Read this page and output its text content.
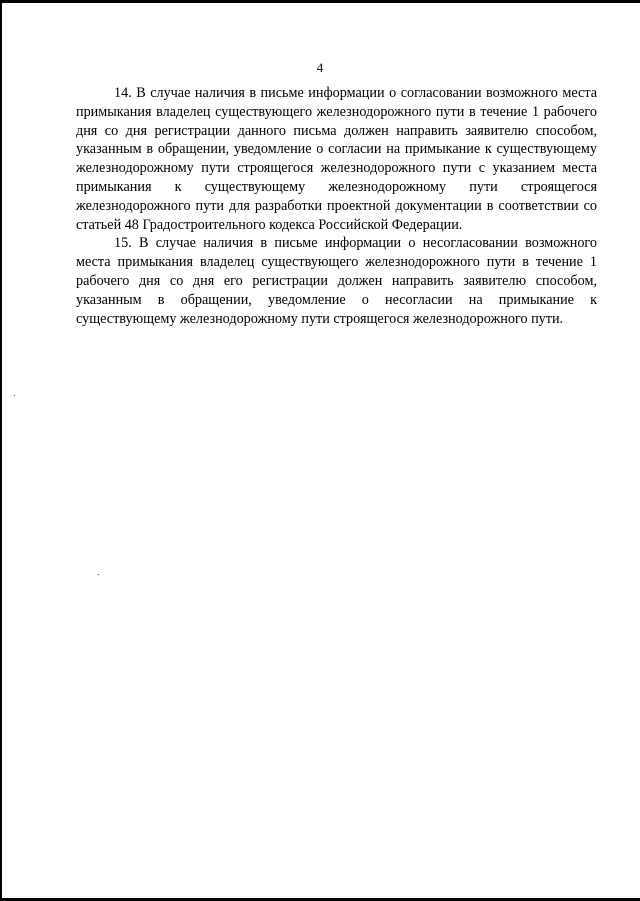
4

14. В случае наличия в письме информации о согласовании возможного места примыкания владелец существующего железнодорожного пути в течение 1 рабочего дня со дня регистрации данного письма должен направить заявителю способом, указанным в обращении, уведомление о согласии на примыкание к существующему железнодорожному пути строящегося железнодорожного пути с указанием места примыкания к существующему железнодорожному пути строящегося железнодорожного пути для разработки проектной документации в соответствии со статьей 48 Градостроительного кодекса Российской Федерации.

15. В случае наличия в письме информации о несогласовании возможного места примыкания владелец существующего железнодорожного пути в течение 1 рабочего дня со дня его регистрации должен направить заявителю способом, указанным в обращении, уведомление о несогласии на примыкание к существующему железнодорожному пути строящегося железнодорожного пути.
